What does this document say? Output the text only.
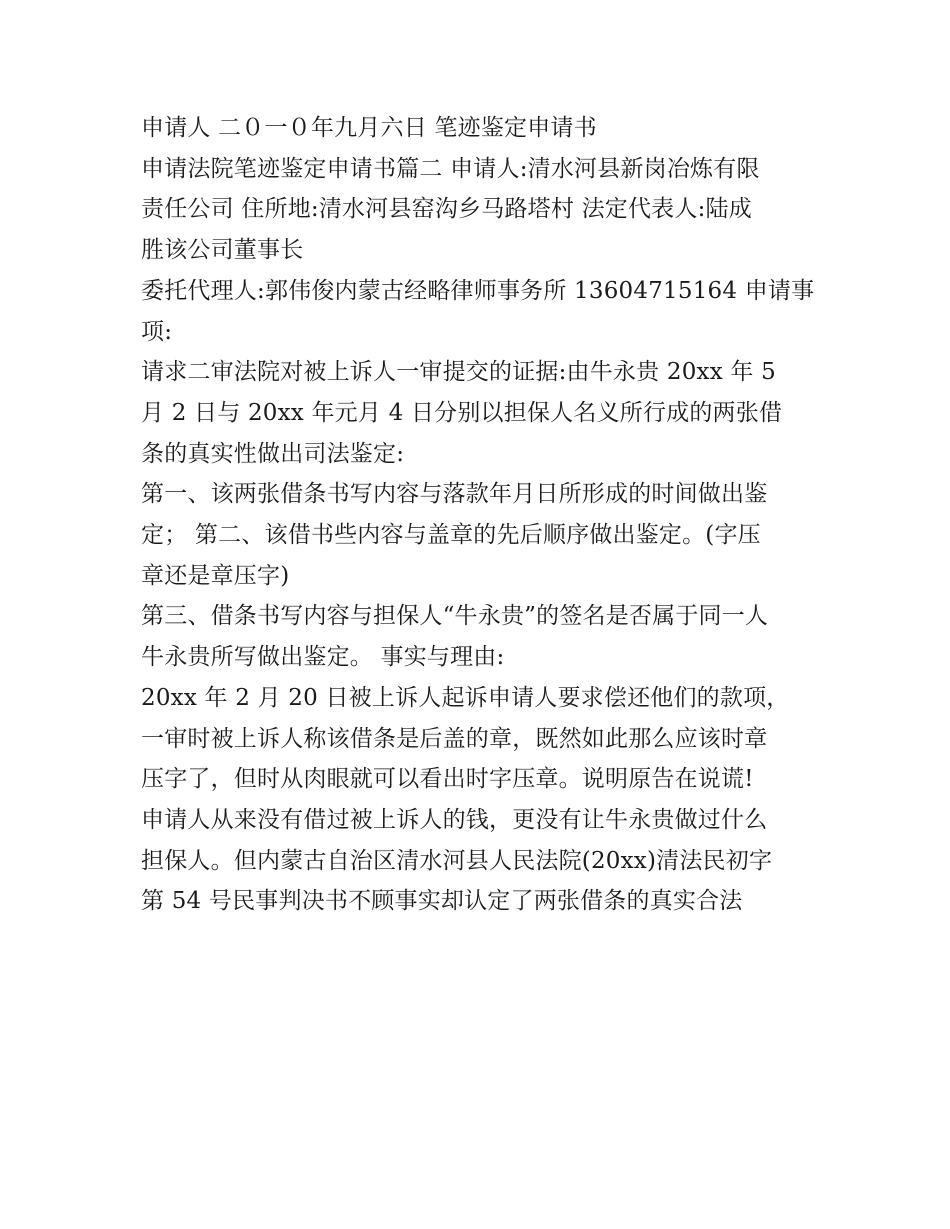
申请人 二０一０年九月六日 笔迹鉴定申请书
申请法院笔迹鉴定申请书篇二 申请人:清水河县新岗冶炼有限
责任公司 住所地:清水河县窑沟乡马路塔村 法定代表人:陆成
胜该公司董事长
委托代理人:郭伟俊内蒙古经略律师事务所 13604715164 申请事
项:
请求二审法院对被上诉人一审提交的证据:由牛永贵 20xx 年 5
月 2 日与 20xx 年元月 4 日分别以担保人名义所行成的两张借
条的真实性做出司法鉴定:
第一、该两张借条书写内容与落款年月日所形成的时间做出鉴
定； 第二、该借书些内容与盖章的先后顺序做出鉴定。(字压
章还是章压字)
第三、借条书写内容与担保人“牛永贵”的签名是否属于同一人
牛永贵所写做出鉴定。 事实与理由:
20xx 年 2 月 20 日被上诉人起诉申请人要求偿还他们的款项，
一审时被上诉人称该借条是后盖的章，既然如此那么应该时章
压字了，但时从肉眼就可以看出时字压章。说明原告在说谎!
申请人从来没有借过被上诉人的钱，更没有让牛永贵做过什么
担保人。但内蒙古自治区清水河县人民法院(20xx)清法民初字
第 54 号民事判决书不顾事实却认定了两张借条的真实合法
